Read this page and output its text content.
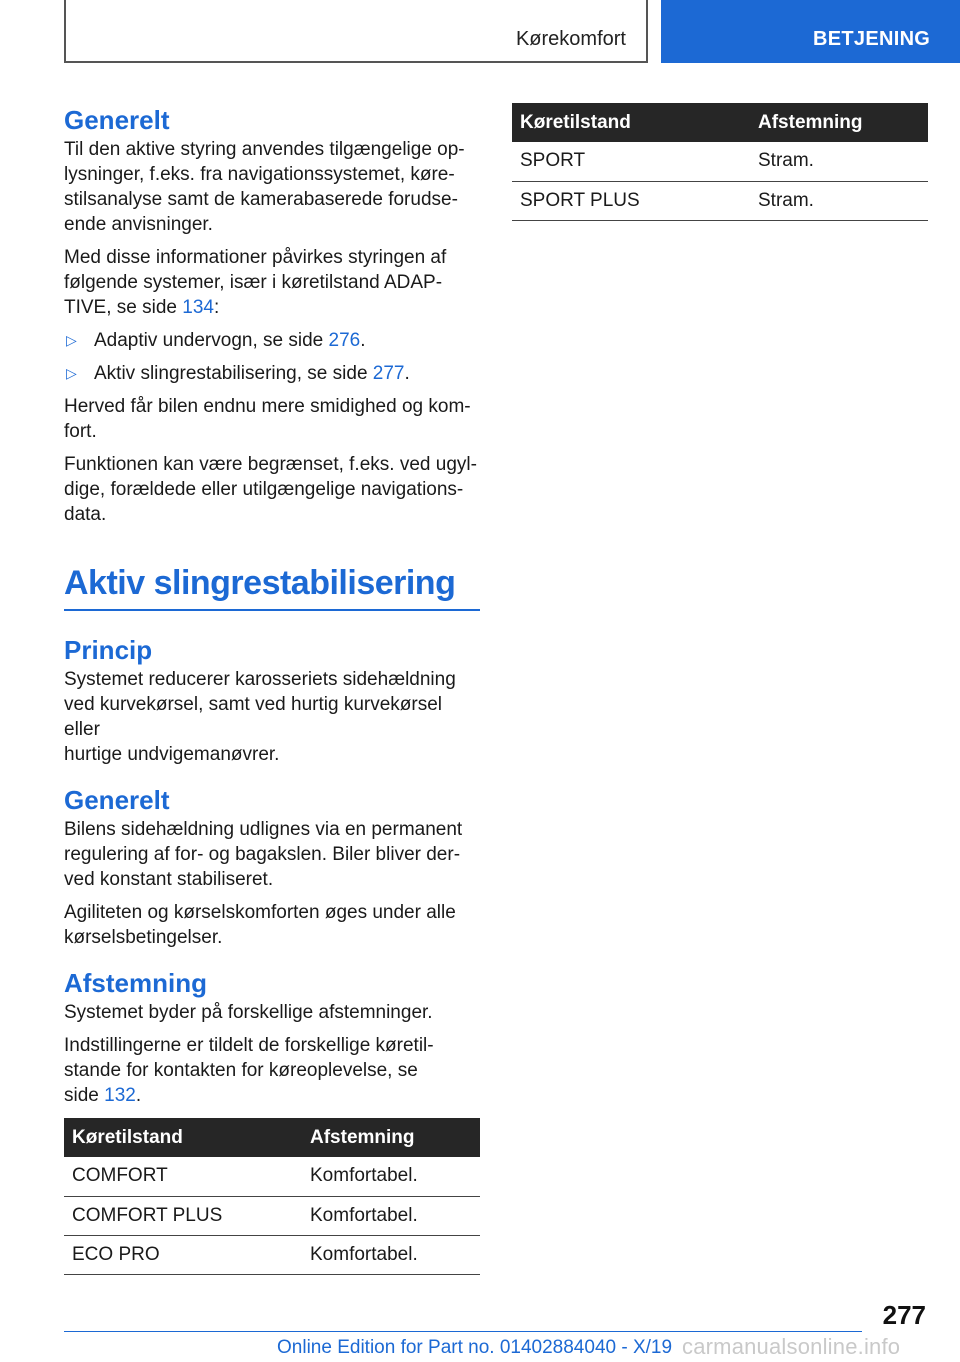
Kørekomfort	BETJENING
Generelt

Til den aktive styring anvendes tilgængelige op-
lysninger, f.eks. fra navigationssystemet, køre-
stilsanalyse samt de kamerabaserede forudse-
ende anvisninger.

Med disse informationer påvirkes styringen af
følgende systemer, især i køretilstand ADAP-
TIVE, se side 134:

▷ Adaptiv undervogn, se side 276.
▷ Aktiv slingrestabilisering, se side 277.

Herved får bilen endnu mere smidighed og kom-
fort.

Funktionen kan være begrænset, f.eks. ved ugyl-
dige, forældede eller utilgængelige navigations-
data.

Aktiv slingrestabilisering
Princip

Systemet reducerer karosseriets sidehældning
ved kurvekørsel, samt ved hurtig kurvekørsel eller
hurtige undvigemanøvrer.

Generelt

Bilens sidehældning udlignes via en permanent
regulering af for- og bagakslen. Biler bliver der-
ved konstant stabiliseret.

Agiliteten og kørselskomforten øges under alle
kørselsbetingelser.

Afstemning

Systemet byder på forskellige afstemninger.

Indstillingerne er tildelt de forskellige køretil-
stande for kontakten for køreoplevelse, se
side 132.

Køretilstand	Afstemning
COMFORT	Komfortabel.
COMFORT PLUS	Komfortabel.
ECO PRO	Komfortabel.
Køretilstand	Afstemning
SPORT	Stram.
SPORT PLUS	Stram.
277
Online Edition for Part no. 01402884040 - X/19 carmanualsonline.info
